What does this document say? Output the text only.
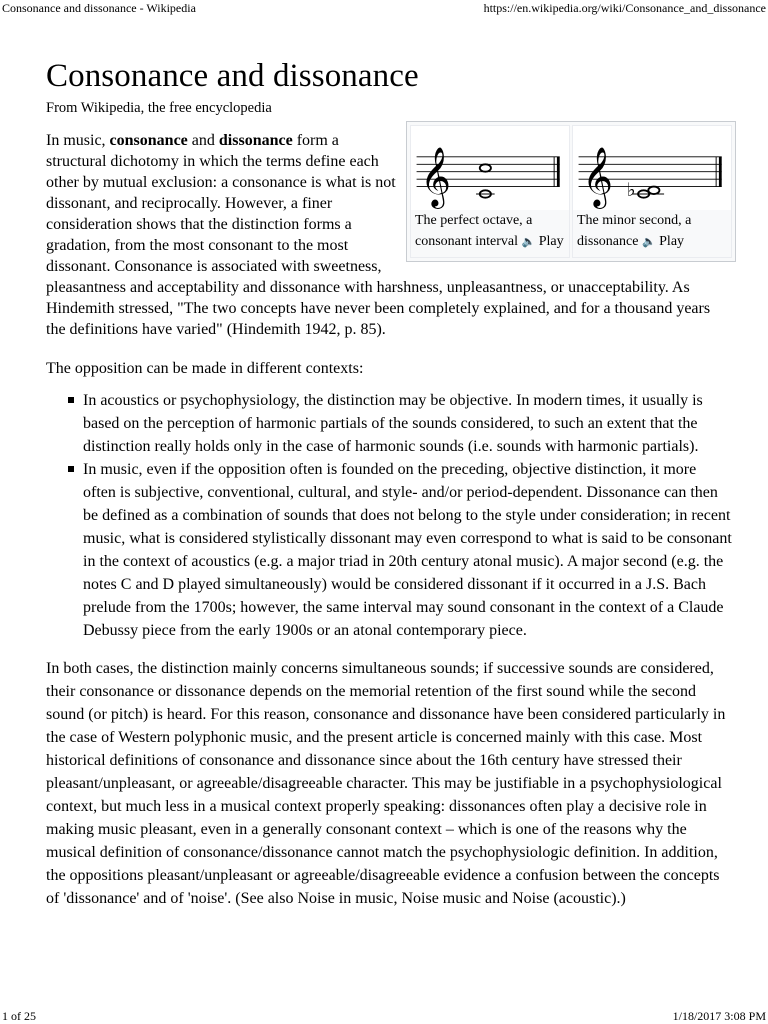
Consonance and dissonance - Wikipedia	https://en.wikipedia.org/wiki/Consonance_and_dissonance
Consonance and dissonance
From Wikipedia, the free encyclopedia
𝄞
The perfect octave, a consonant interval 🔈 Play
𝄞 ♭
The minor second, a dissonance 🔈 Play

In music, consonance and dissonance form a structural dichotomy in which the terms define each other by mutual exclusion: a consonance is what is not dissonant, and reciprocally. However, a finer consideration shows that the distinction forms a gradation, from the most consonant to the most dissonant. Consonance is associated with sweetness, pleasantness and acceptability and dissonance with harshness, unpleasantness, or unacceptability. As Hindemith stressed, "The two concepts have never been completely explained, and for a thousand years the definitions have varied" (Hindemith 1942, p. 85).

The opposition can be made in different contexts:

In acoustics or psychophysiology, the distinction may be objective. In modern times, it usually is based on the perception of harmonic partials of the sounds considered, to such an extent that the distinction really holds only in the case of harmonic sounds (i.e. sounds with harmonic partials).
In music, even if the opposition often is founded on the preceding, objective distinction, it more often is subjective, conventional, cultural, and style- and/or period-dependent. Dissonance can then be defined as a combination of sounds that does not belong to the style under consideration; in recent music, what is considered stylistically dissonant may even correspond to what is said to be consonant in the context of acoustics (e.g. a major triad in 20th century atonal music). A major second (e.g. the notes C and D played simultaneously) would be considered dissonant if it occurred in a J.S. Bach prelude from the 1700s; however, the same interval may sound consonant in the context of a Claude Debussy piece from the early 1900s or an atonal contemporary piece.

In both cases, the distinction mainly concerns simultaneous sounds; if successive sounds are considered, their consonance or dissonance depends on the memorial retention of the first sound while the second sound (or pitch) is heard. For this reason, consonance and dissonance have been considered particularly in the case of Western polyphonic music, and the present article is concerned mainly with this case. Most historical definitions of consonance and dissonance since about the 16th century have stressed their pleasant/unpleasant, or agreeable/disagreeable character. This may be justifiable in a psychophysiological context, but much less in a musical context properly speaking: dissonances often play a decisive role in making music pleasant, even in a generally consonant context – which is one of the reasons why the musical definition of consonance/dissonance cannot match the psychophysiologic definition. In addition, the oppositions pleasant/unpleasant or agreeable/disagreeable evidence a confusion between the concepts of 'dissonance' and of 'noise'. (See also Noise in music, Noise music and Noise (acoustic).)

1 of 25	1/18/2017 3:08 PM
